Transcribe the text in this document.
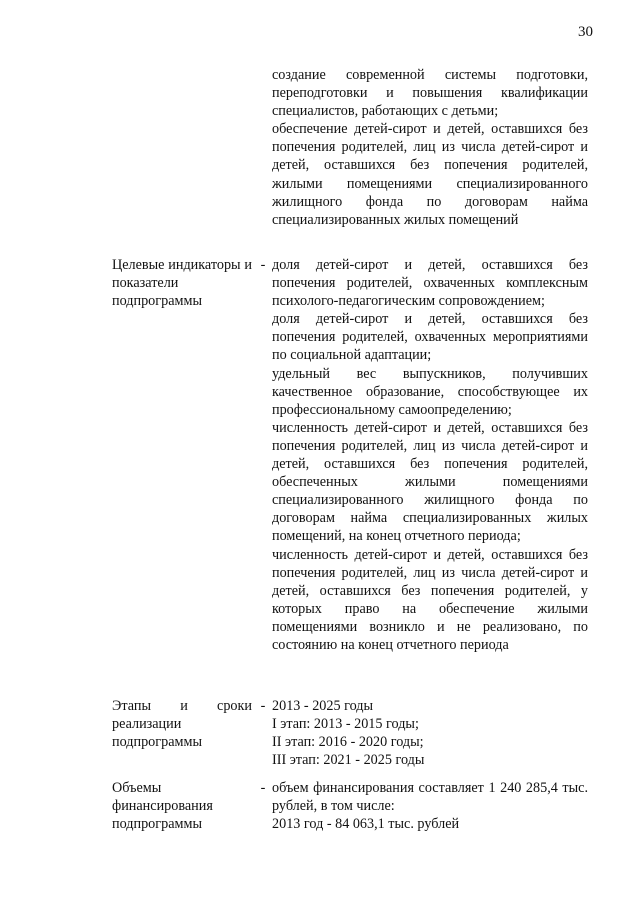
30
создание современной системы подготовки, переподготовки и повышения квалификации специалистов, работающих с детьми;
обеспечение детей-сирот и детей, оставшихся без попечения родителей, лиц из числа детей-сирот и детей, оставшихся без попечения родителей, жилыми помещениями специализированного жилищного фонда по договорам найма специализированных жилых помещений
Целевые индикаторы и показатели подпрограммы
- доля детей-сирот и детей, оставшихся без попечения родителей, охваченных комплексным психолого-педагогическим сопровождением;
доля детей-сирот и детей, оставшихся без попечения родителей, охваченных мероприятиями по социальной адаптации;
удельный вес выпускников, получивших качественное образование, способствующее их профессиональному самоопределению;
численность детей-сирот и детей, оставшихся без попечения родителей, лиц из числа детей-сирот и детей, оставшихся без попечения родителей, обеспеченных жилыми помещениями специализированного жилищного фонда по договорам найма специализированных жилых помещений, на конец отчетного периода;
численность детей-сирот и детей, оставшихся без попечения родителей, лиц из числа детей-сирот и детей, оставшихся без попечения родителей, у которых право на обеспечение жилыми помещениями возникло и не реализовано, по состоянию на конец отчетного периода
Этапы и сроки реализации подпрограммы
- 2013 - 2025 годы
I этап: 2013 - 2015 годы;
II этап: 2016 - 2020 годы;
III этап: 2021 - 2025 годы
Объемы финансирования подпрограммы
- объем финансирования составляет 1 240 285,4 тыс. рублей, в том числе:
2013 год - 84 063,1 тыс. рублей
